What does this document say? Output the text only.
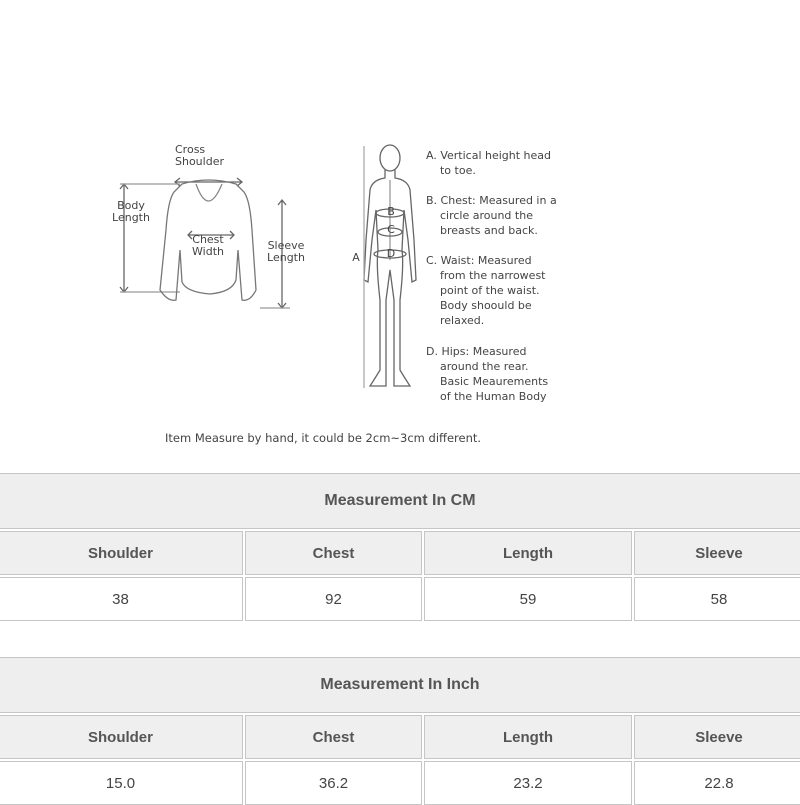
Cross
Shoulder
Body
Length
Chest
Width	Sleeve
Length	A
B
C
D
A. Vertical height head
to toe.
B. Chest: Measured in a
circle around the
breasts and back.
C. Waist: Measured
from the narrowest
point of the waist.
Body shoould be
relaxed.
D. Hips: Measured
around the rear.
Basic Meaurements
of the Human Body
Item Measure by hand, it could be 2cm~3cm different.
Measurement In CM
Shoulder	Chest	Length	Sleeve
38	92	59	58
Measurement In Inch
Shoulder	Chest	Length	Sleeve
15.0	36.2	23.2	22.8
